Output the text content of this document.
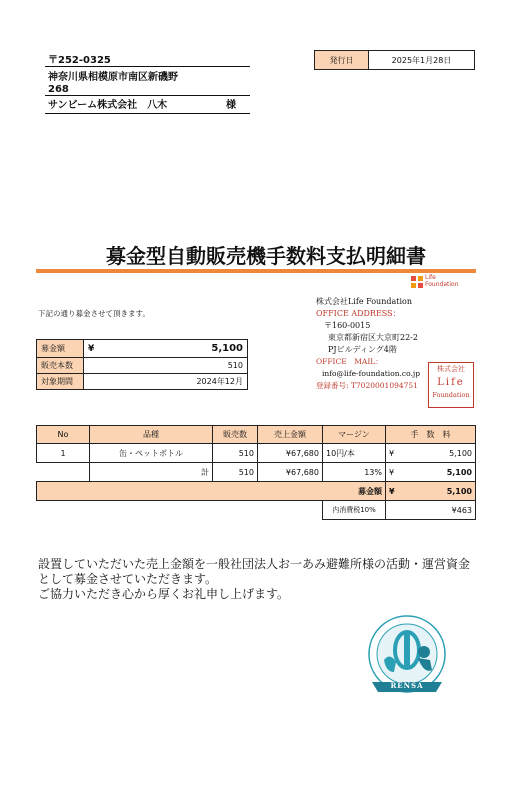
〒252-0325
神奈川県相模原市南区新磯野
268
サンビーム株式会社　八木	様
発行日	2025年1月28日
募金型自動販売機手数料支払明細書
Life
Foundation
下記の通り募金させて頂きます。
株式会社Life Foundation
OFFICE ADDRESS：
〒160-0015
東京都新宿区大京町22-2
PJビルディング4階
OFFICE　MAIL：
info@life-foundation.co.jp
登録番号: T7020001094751
株式会社
Life
Foundation
募金額	¥	5,100
販売本数		510
対象期間		2024年12月
No	品種	販売数	売上金額	マージン	手　数　料	
1	缶・ペットボトル	510	¥67,680	10円/本	¥	5,100
	計	510	¥67,680	13%	¥	5,100
募金額					¥	5,100
				内消費税10%	¥463	
設置していただいた売上金額を一般社団法人お一あみ避難所様の活動・運営資金として募金させていただきます。
ご協力いただき心から厚くお礼申し上げます。
RENSA
